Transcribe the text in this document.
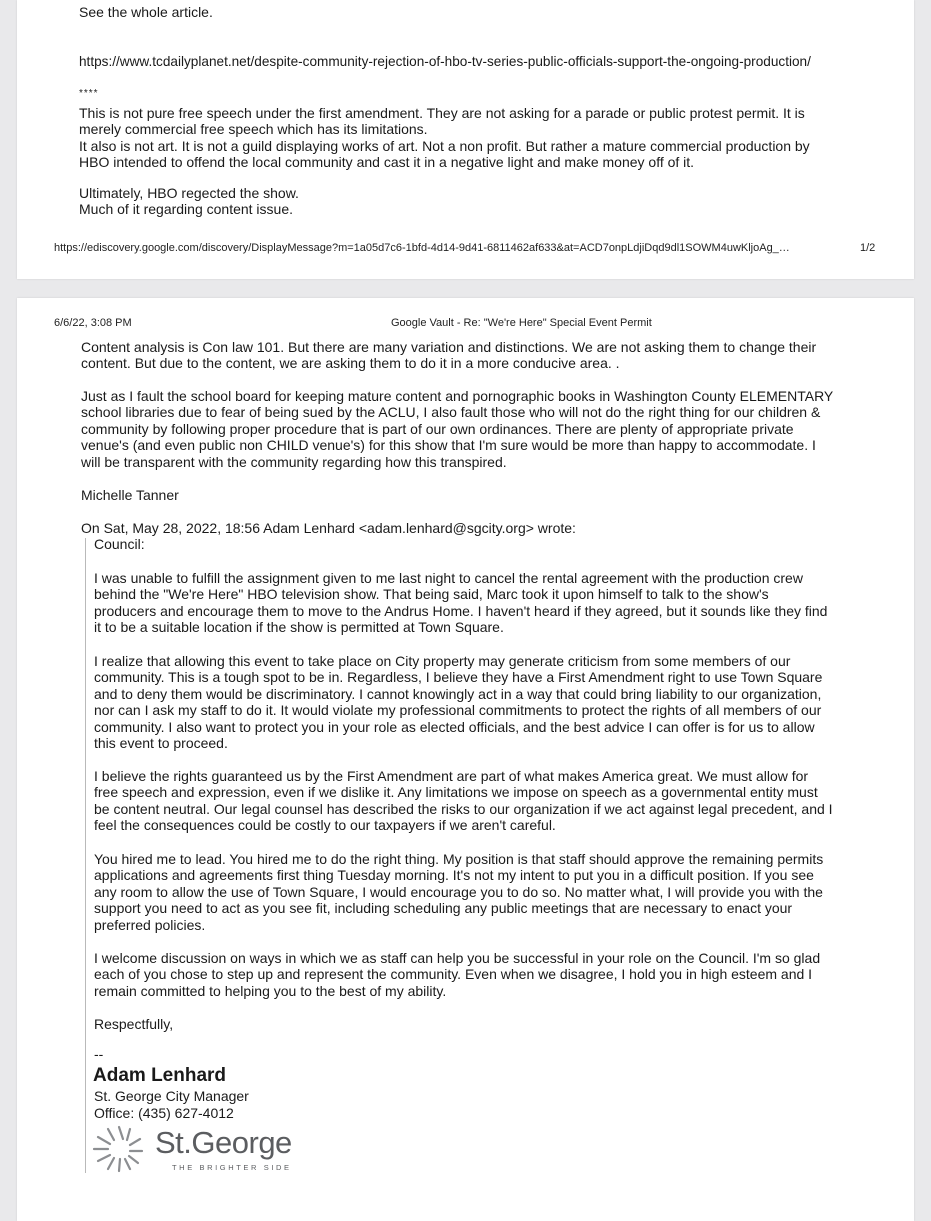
See the whole article.

https://www.tcdailyplanet.net/despite-community-rejection-of-hbo-tv-series-public-officials-support-the-ongoing-production/

****

This is not pure free speech under the first amendment. They are not asking for a parade or public protest permit. It is
merely commercial free speech which has its limitations.
It also is not art. It is not a guild displaying works of art. Not a non profit. But rather a mature commercial production by
HBO intended to offend the local community and cast it in a negative light and make money off of it.

Ultimately, HBO regected the show.
Much of it regarding content issue.

https://ediscovery.google.com/discovery/DisplayMessage?m=1a05d7c6-1bfd-4d14-9d41-6811462af633&at=ACD7onpLdjiDqd9dl1SOWM4uwKljoAg_…	1/2

6/6/22, 3:08 PM	Google Vault - Re: "We're Here" Special Event Permit

Content analysis is Con law 101. But there are many variation and distinctions. We are not asking them to change their
content. But due to the content, we are asking them to do it in a more conducive area. .

Just as I fault the school board for keeping mature content and pornographic books in Washington County ELEMENTARY
school libraries due to fear of being sued by the ACLU, I also fault those who will not do the right thing for our children &
community by following proper procedure that is part of our own ordinances. There are plenty of appropriate private
venue's (and even public non CHILD venue's) for this show that I'm sure would be more than happy to accommodate. I
will be transparent with the community regarding how this transpired.

Michelle Tanner

On Sat, May 28, 2022, 18:56 Adam Lenhard <adam.lenhard@sgcity.org> wrote:

Council:

I was unable to fulfill the assignment given to me last night to cancel the rental agreement with the production crew
behind the "We're Here" HBO television show. That being said, Marc took it upon himself to talk to the show's
producers and encourage them to move to the Andrus Home. I haven't heard if they agreed, but it sounds like they find
it to be a suitable location if the show is permitted at Town Square.

I realize that allowing this event to take place on City property may generate criticism from some members of our
community. This is a tough spot to be in. Regardless, I believe they have a First Amendment right to use Town Square
and to deny them would be discriminatory. I cannot knowingly act in a way that could bring liability to our organization,
nor can I ask my staff to do it. It would violate my professional commitments to protect the rights of all members of our
community. I also want to protect you in your role as elected officials, and the best advice I can offer is for us to allow
this event to proceed.

I believe the rights guaranteed us by the First Amendment are part of what makes America great. We must allow for
free speech and expression, even if we dislike it. Any limitations we impose on speech as a governmental entity must
be content neutral. Our legal counsel has described the risks to our organization if we act against legal precedent, and I
feel the consequences could be costly to our taxpayers if we aren't careful.

You hired me to lead. You hired me to do the right thing. My position is that staff should approve the remaining permits
applications and agreements first thing Tuesday morning. It's not my intent to put you in a difficult position. If you see
any room to allow the use of Town Square, I would encourage you to do so. No matter what, I will provide you with the
support you need to act as you see fit, including scheduling any public meetings that are necessary to enact your
preferred policies.

I welcome discussion on ways in which we as staff can help you be successful in your role on the Council. I'm so glad
each of you chose to step up and represent the community. Even when we disagree, I hold you in high esteem and I
remain committed to helping you to the best of my ability.

Respectfully,

--

Adam Lenhard

St. George City Manager

Office: (435) 627-4012

St.George
THE BRIGHTER SIDE
